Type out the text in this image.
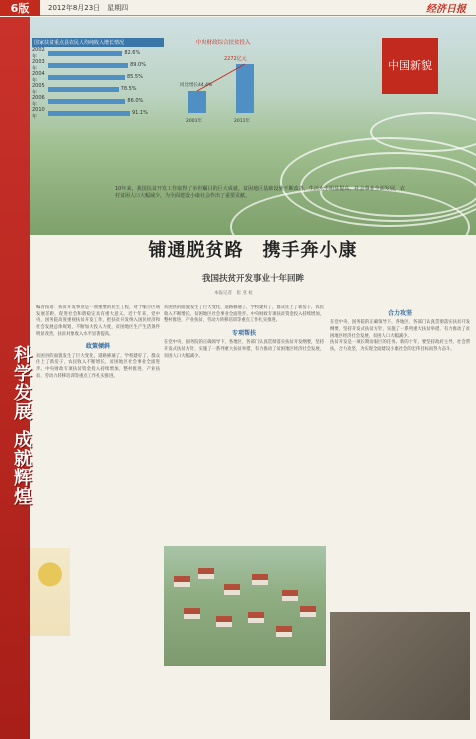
6版	2012年8月23日　星期四	经济日报
科学发展
成就辉煌
中国新貌
国家扶贫重点县农民人均纯收入增长情况
2002年
82.6%
2003年
89.0%
2004年
85.5%
2005年
78.5%
2006年
86.0%
2010年
91.1%
中央财政综合扶贫投入
2272亿元
同比增长44.4%
2001年	2011年
10年来，我国扶贫开发工作取得了举世瞩目的巨大成就。贫困地区基础设施不断改善，生活水平明显提高，社会事业全面发展，农村贫困人口大幅减少，为全面建设小康社会作出了重要贡献。
铺通脱贫路　携手奔小康
我国扶贫开发事业十年回眸
本报记者　崔 亚 杭

编者按语：扶贫开发事业是一项重要的民生工程，对于缩小区域发展差距、促进社会和谐稳定具有重大意义。近十年来，党中央、国务院高度重视扶贫开发工作，把扶贫开发纳入国民经济和社会发展总体规划，不断加大投入力度，贫困地区生产生活条件明显改善，扶贫对象收入水平显著提高。

政策倾斜

贫困县的面貌发生了巨大变化，道路修通了，学校建好了，群众住上了新房子，农民收入不断增长，贫困地区社会事业全面进步。中央财政专项扶贫资金投入持续增加，整村推进、产业扶贫、劳动力转移培训等重点工作扎实推进。

贫困县的面貌发生了巨大变化，道路修通了，学校建好了，群众住上了新房子，农民收入不断增长，贫困地区社会事业全面进步。中央财政专项扶贫资金投入持续增加，整村推进、产业扶贫、劳动力转移培训等重点工作扎实推进。

专项帮扶

在党中央、国务院的正确领导下，各地区、各部门认真贯彻落实扶贫开发纲要，坚持开发式扶贫方针，实施了一系列重大扶贫举措，有力推动了贫困地区经济社会发展，贫困人口大幅减少。

合力攻坚

在党中央、国务院的正确领导下，各地区、各部门认真贯彻落实扶贫开发纲要，坚持开发式扶贫方针，实施了一系列重大扶贫举措，有力推动了贫困地区经济社会发展，贫困人口大幅减少。

扶贫开发是一项长期而艰巨的任务。新的十年，要坚持政府主导、社会帮扶，合力攻坚，为实现全面建设小康社会的宏伟目标而努力奋斗。
